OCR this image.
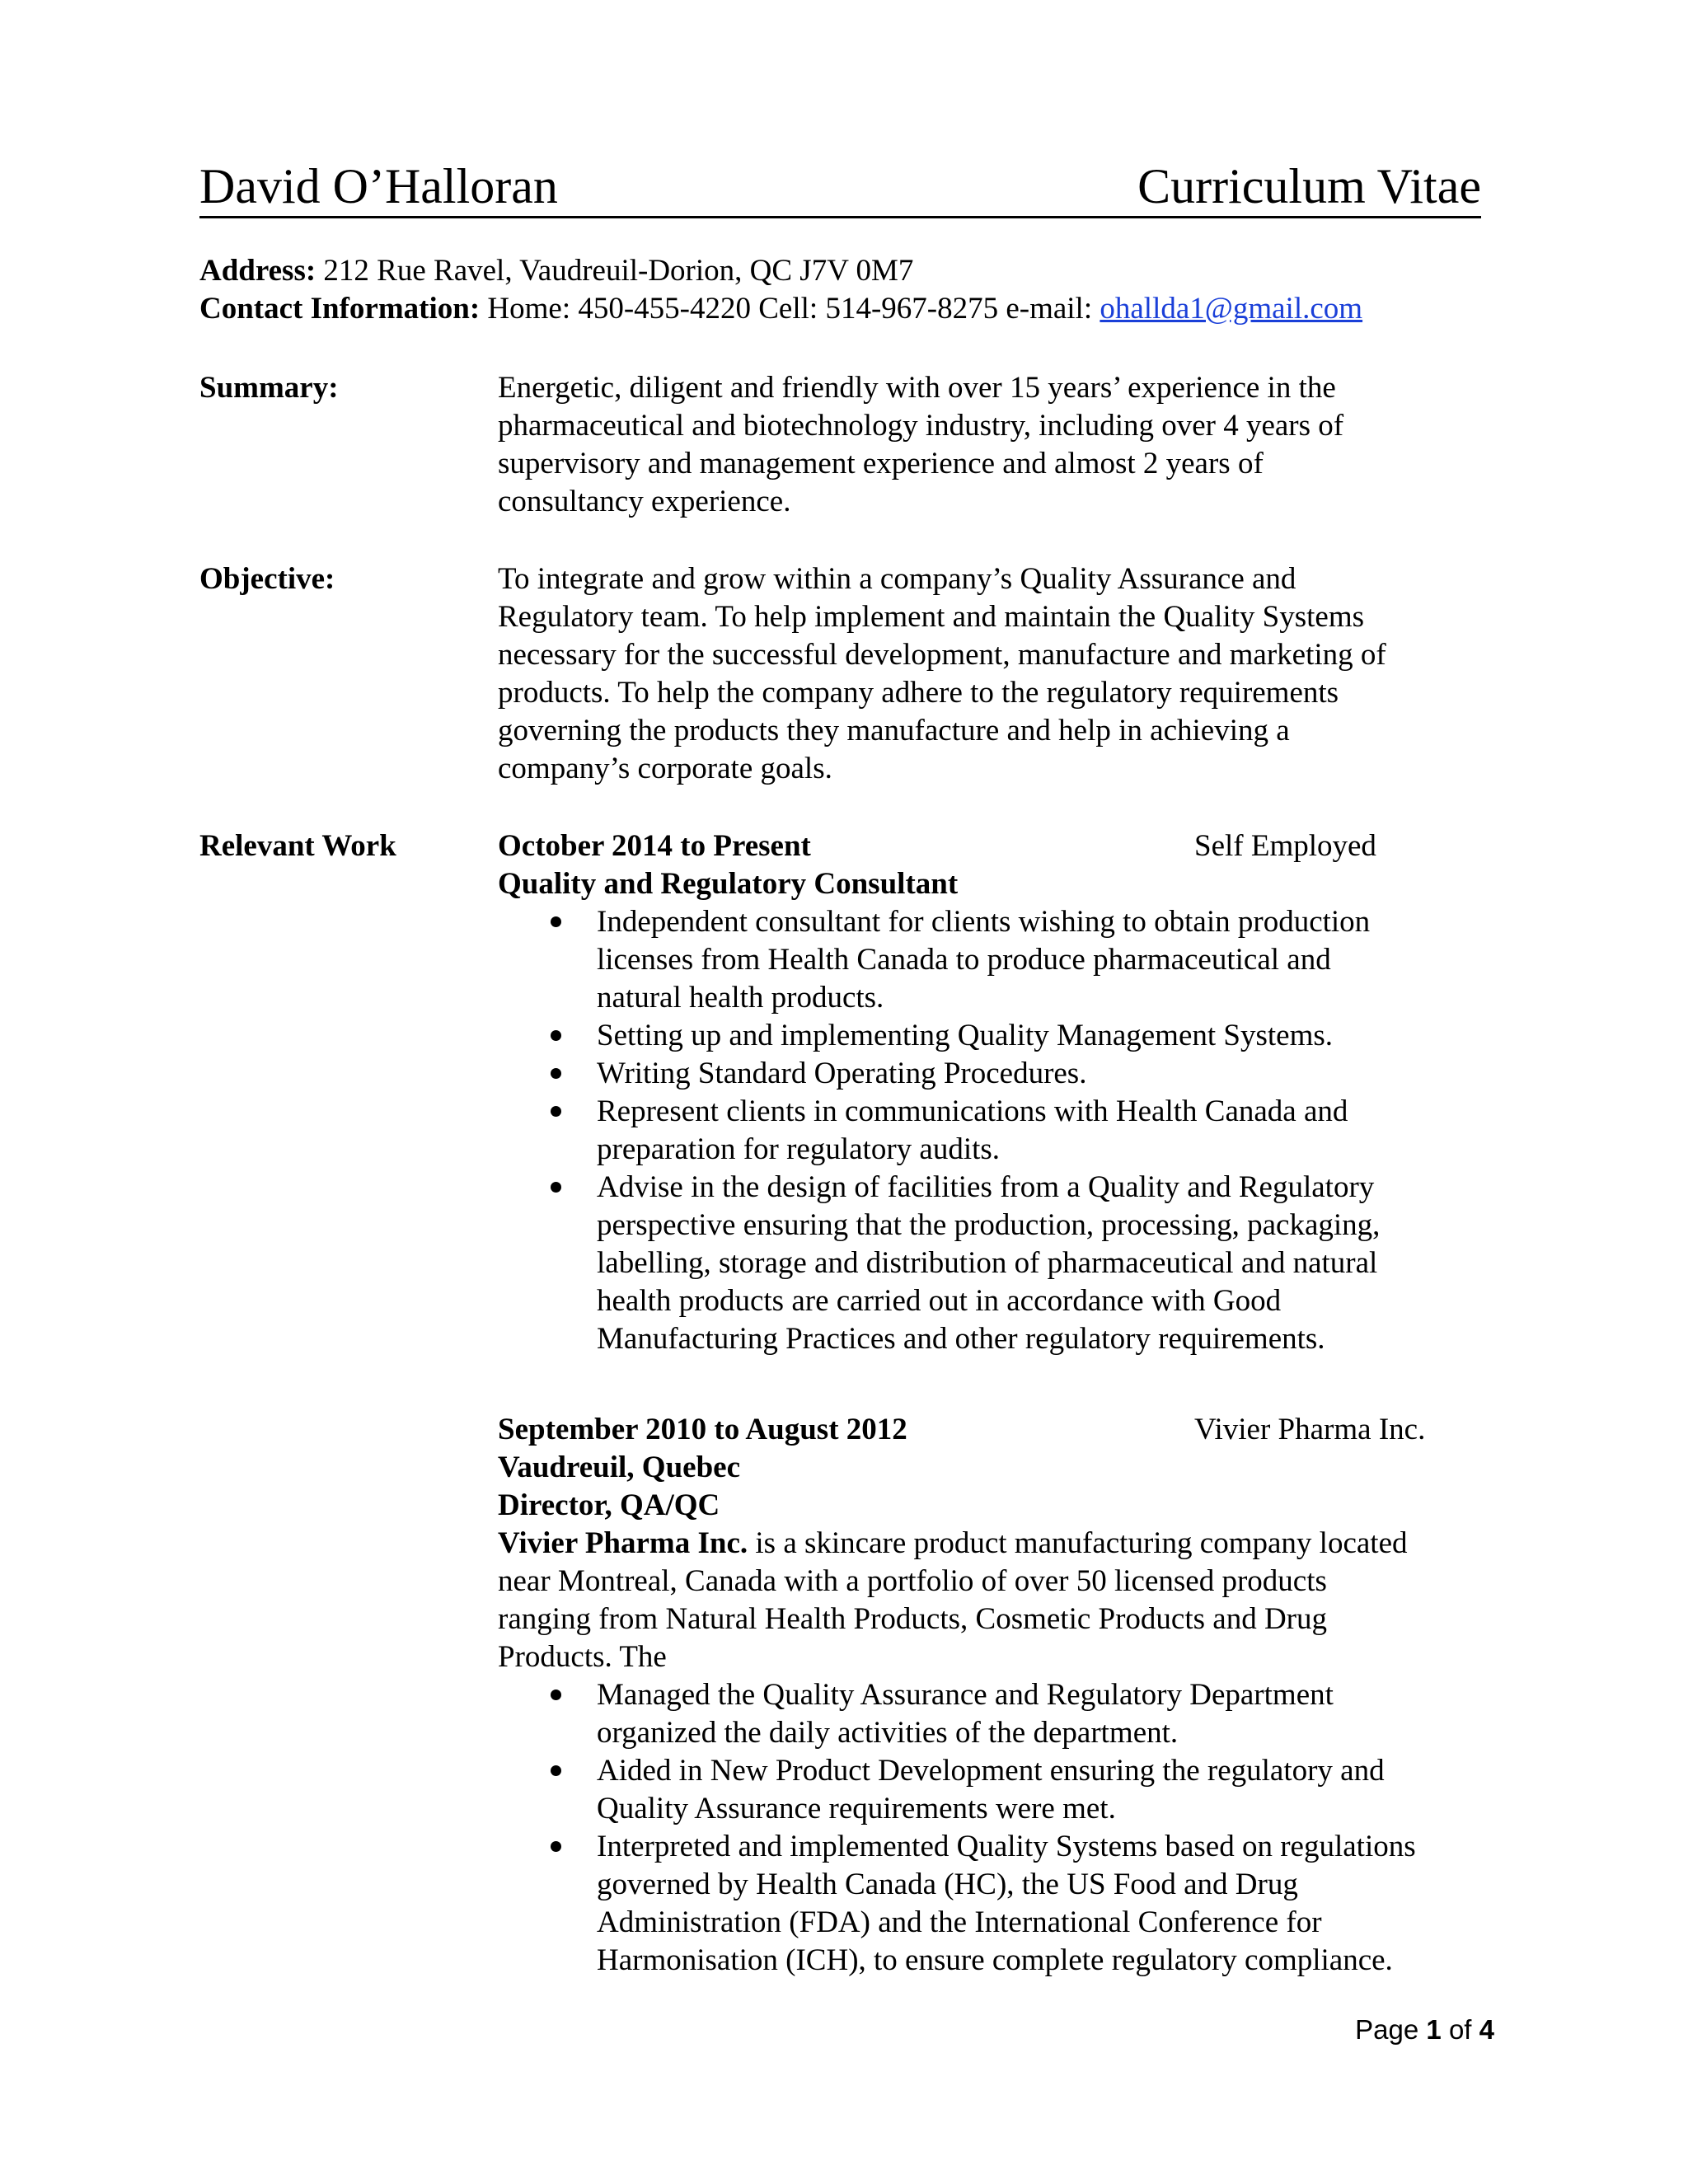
David O’Halloran	Curriculum Vitae
Address: 212 Rue Ravel, Vaudreuil-Dorion, QC J7V 0M7
Contact Information: Home: 450-455-4220 Cell: 514-967-8275 e-mail: ohallda1@gmail.com
Summary:	Energetic, diligent and friendly with over 15 years’ experience in the

pharmaceutical and biotechnology industry, including over 4 years of

supervisory and management experience and almost 2 years of

consultancy experience.

Objective:	To integrate and grow within a company’s Quality Assurance and

Regulatory team. To help implement and maintain the Quality Systems

necessary for the successful development, manufacture and marketing of

products. To help the company adhere to the regulatory requirements

governing the products they manufacture and help in achieving a

company’s corporate goals.

Relevant Work	October 2014 to Present	Self Employed

Quality and Regulatory Consultant

Independent consultant for clients wishing to obtain production
licenses from Health Canada to produce pharmaceutical and
natural health products.
Setting up and implementing Quality Management Systems.
Writing Standard Operating Procedures.
Represent clients in communications with Health Canada and
preparation for regulatory audits.
Advise in the design of facilities from a Quality and Regulatory
perspective ensuring that the production, processing, packaging,
labelling, storage and distribution of pharmaceutical and natural
health products are carried out in accordance with Good
Manufacturing Practices and other regulatory requirements.
September 2010 to August 2012	Vivier Pharma Inc.

Vaudreuil, Quebec

Director, QA/QC

Vivier Pharma Inc. is a skincare product manufacturing company located

near Montreal, Canada with a portfolio of over 50 licensed products

ranging from Natural Health Products, Cosmetic Products and Drug

Products. The

Managed the Quality Assurance and Regulatory Department
organized the daily activities of the department.
Aided in New Product Development ensuring the regulatory and
Quality Assurance requirements were met.
Interpreted and implemented Quality Systems based on regulations
governed by Health Canada (HC), the US Food and Drug
Administration (FDA) and the International Conference for
Harmonisation (ICH), to ensure complete regulatory compliance.
Page 1 of 4
